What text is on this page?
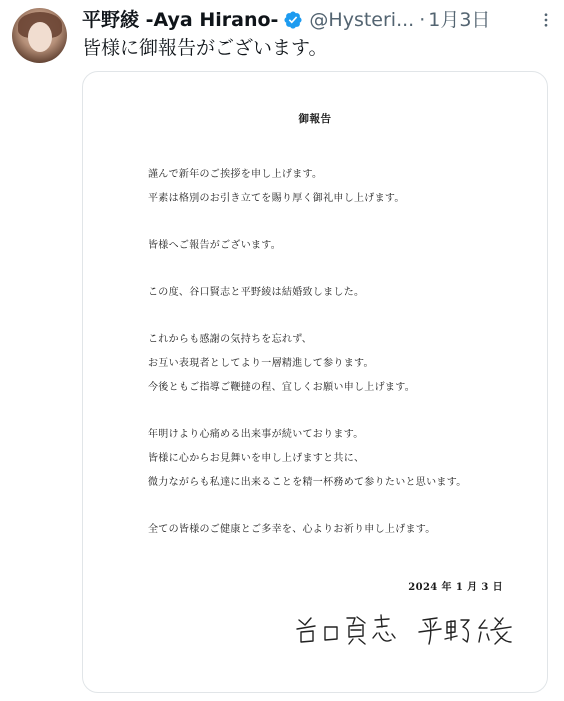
平野綾 -Aya Hirano- @Hysteri... · 1月3日
皆様に御報告がございます。
御報告
謹んで新年のご挨拶を申し上げます。
平素は格別のお引き立てを賜り厚く御礼申し上げます。
皆様へご報告がございます。
この度、谷口賢志と平野綾は結婚致しました。
これからも感謝の気持ちを忘れず、
お互い表現者としてより一層精進して参ります。
今後ともご指導ご鞭撻の程、宜しくお願い申し上げます。
年明けより心痛める出来事が続いております。
皆様に心からお見舞いを申し上げますと共に、
微力ながらも私達に出来ることを精一杯務めて参りたいと思います。
全ての皆様のご健康とご多幸を、心よりお祈り申し上げます。
2024 年 1 月 3 日
